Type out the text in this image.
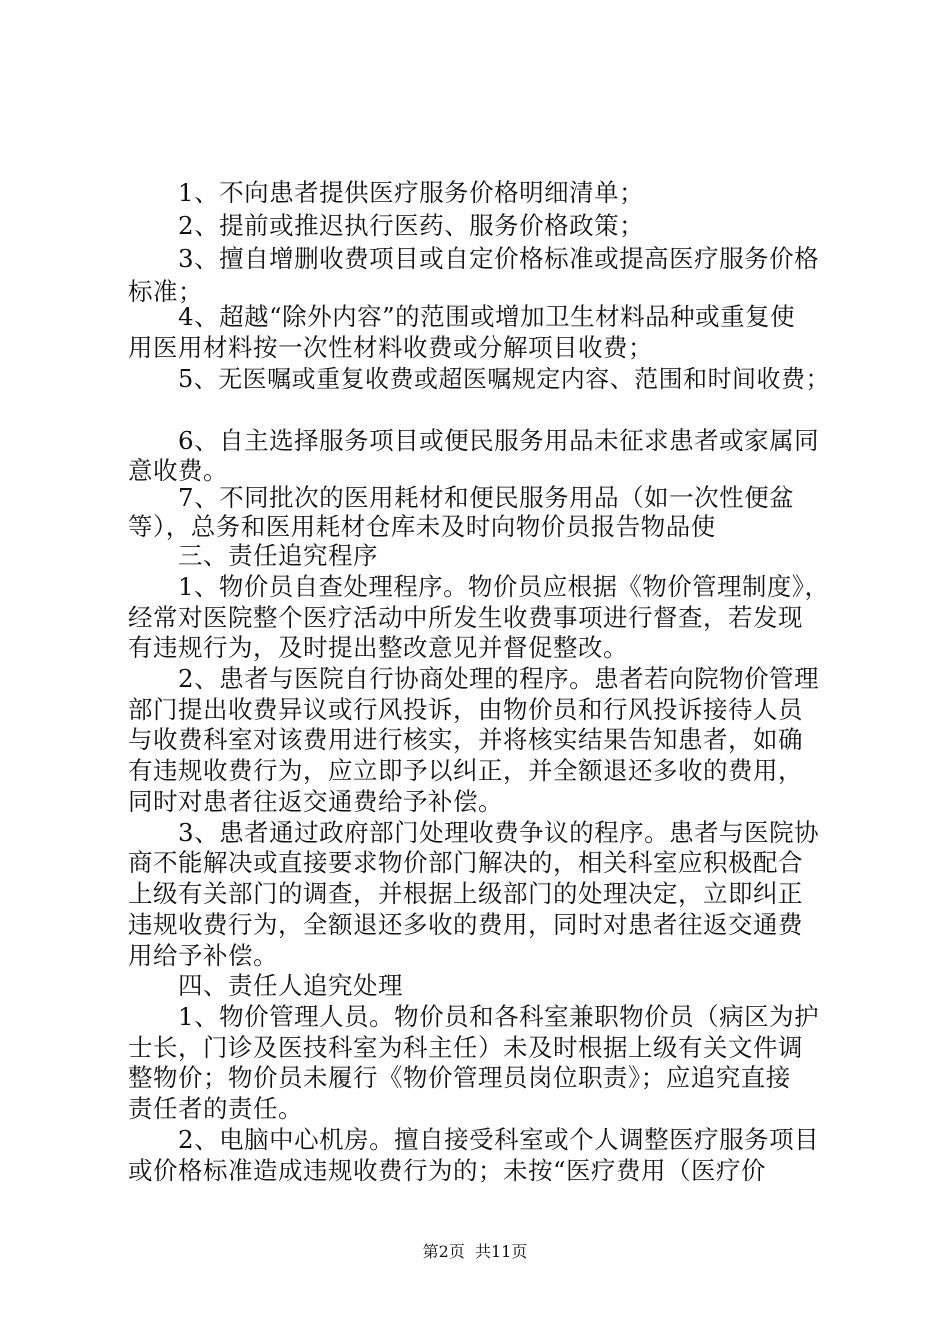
1、不向患者提供医疗服务价格明细清单；
2、提前或推迟执行医药、服务价格政策；
3、擅自增删收费项目或自定价格标准或提高医疗服务价格
标准；
4、超越“除外内容”的范围或增加卫生材料品种或重复使
用医用材料按一次性材料收费或分解项目收费；
5、无医嘱或重复收费或超医嘱规定内容、范围和时间收费；
6、自主选择服务项目或便民服务用品未征求患者或家属同
意收费。
7、不同批次的医用耗材和便民服务用品（如一次性便盆
等），总务和医用耗材仓库未及时向物价员报告物品使
三、责任追究程序
1、物价员自查处理程序。物价员应根据《物价管理制度》，
经常对医院整个医疗活动中所发生收费事项进行督查，若发现
有违规行为，及时提出整改意见并督促整改。
2、患者与医院自行协商处理的程序。患者若向院物价管理
部门提出收费异议或行风投诉，由物价员和行风投诉接待人员
与收费科室对该费用进行核实，并将核实结果告知患者，如确
有违规收费行为，应立即予以纠正，并全额退还多收的费用，
同时对患者往返交通费给予补偿。
3、患者通过政府部门处理收费争议的程序。患者与医院协
商不能解决或直接要求物价部门解决的，相关科室应积极配合
上级有关部门的调查，并根据上级部门的处理决定，立即纠正
违规收费行为，全额退还多收的费用，同时对患者往返交通费
用给予补偿。
四、责任人追究处理
1、物价管理人员。物价员和各科室兼职物价员（病区为护
士长，门诊及医技科室为科主任）未及时根据上级有关文件调
整物价；物价员未履行《物价管理员岗位职责》；应追究直接
责任者的责任。
2、电脑中心机房。擅自接受科室或个人调整医疗服务项目
或价格标准造成违规收费行为的；未按“医疗费用（医疗价
第2页  共11页
